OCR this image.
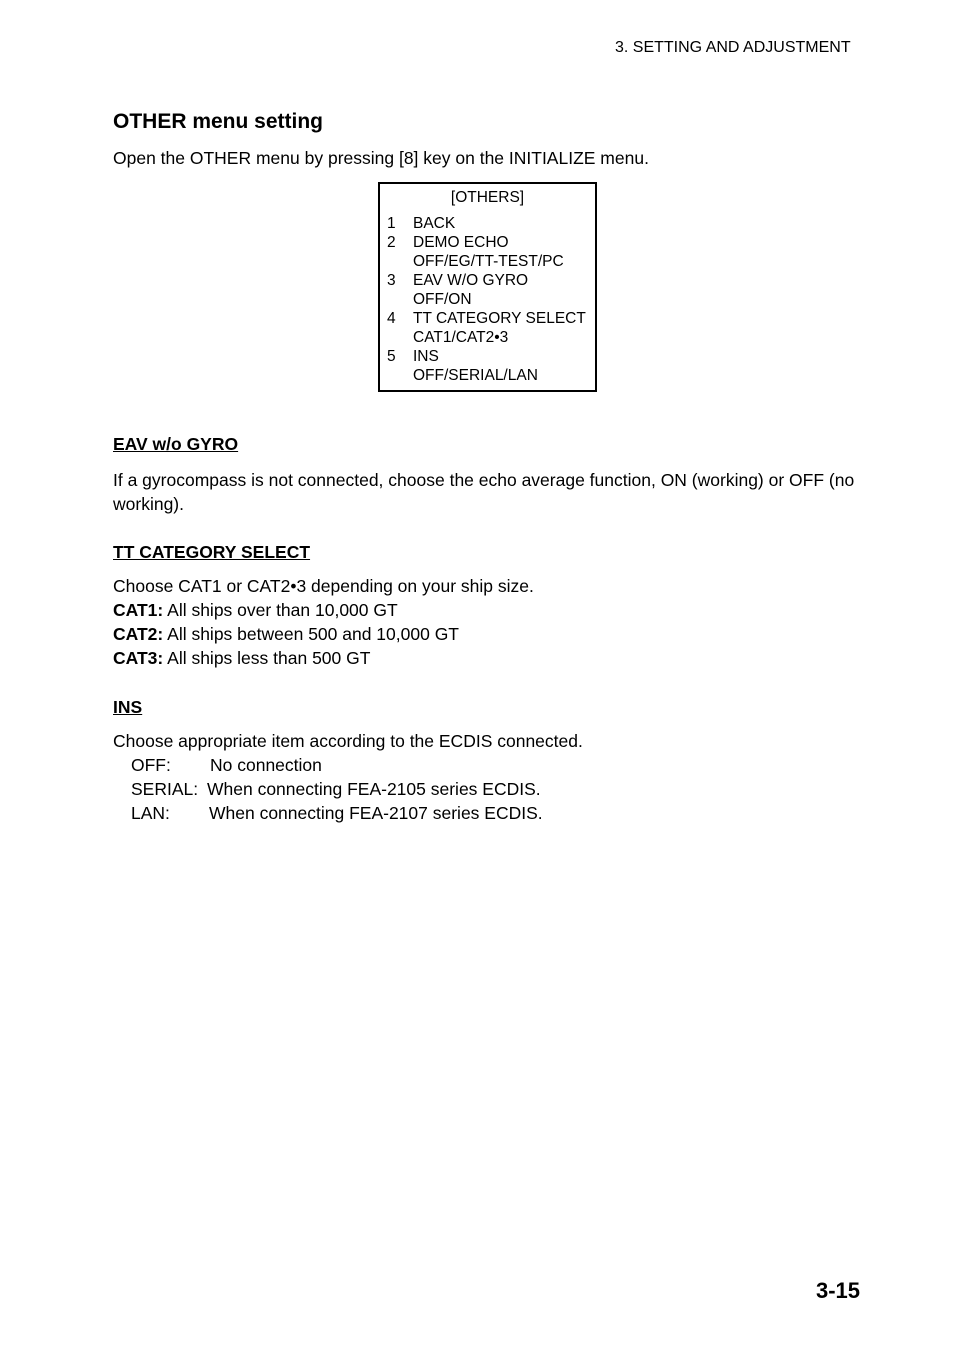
3. SETTING AND ADJUSTMENT
OTHER menu setting
Open the OTHER menu by pressing [8] key on the INITIALIZE menu.
[OTHERS]
1 BACK
2 DEMO ECHO
OFF/EG/TT-TEST/PC
3 EAV W/O GYRO
OFF/ON
4 TT CATEGORY SELECT
CAT1/CAT2•3
5 INS
OFF/SERIAL/LAN
EAV w/o GYRO
If a gyrocompass is not connected, choose the echo average function, ON (working) or OFF (no working).
TT CATEGORY SELECT
Choose CAT1 or CAT2•3 depending on your ship size.
CAT1: All ships over than 10,000 GT
CAT2: All ships between 500 and 10,000 GT
CAT3: All ships less than 500 GT
INS
Choose appropriate item according to the ECDIS connected.
OFF: No connection
SERIAL: When connecting FEA-2105 series ECDIS.
LAN: When connecting FEA-2107 series ECDIS.
3-15
